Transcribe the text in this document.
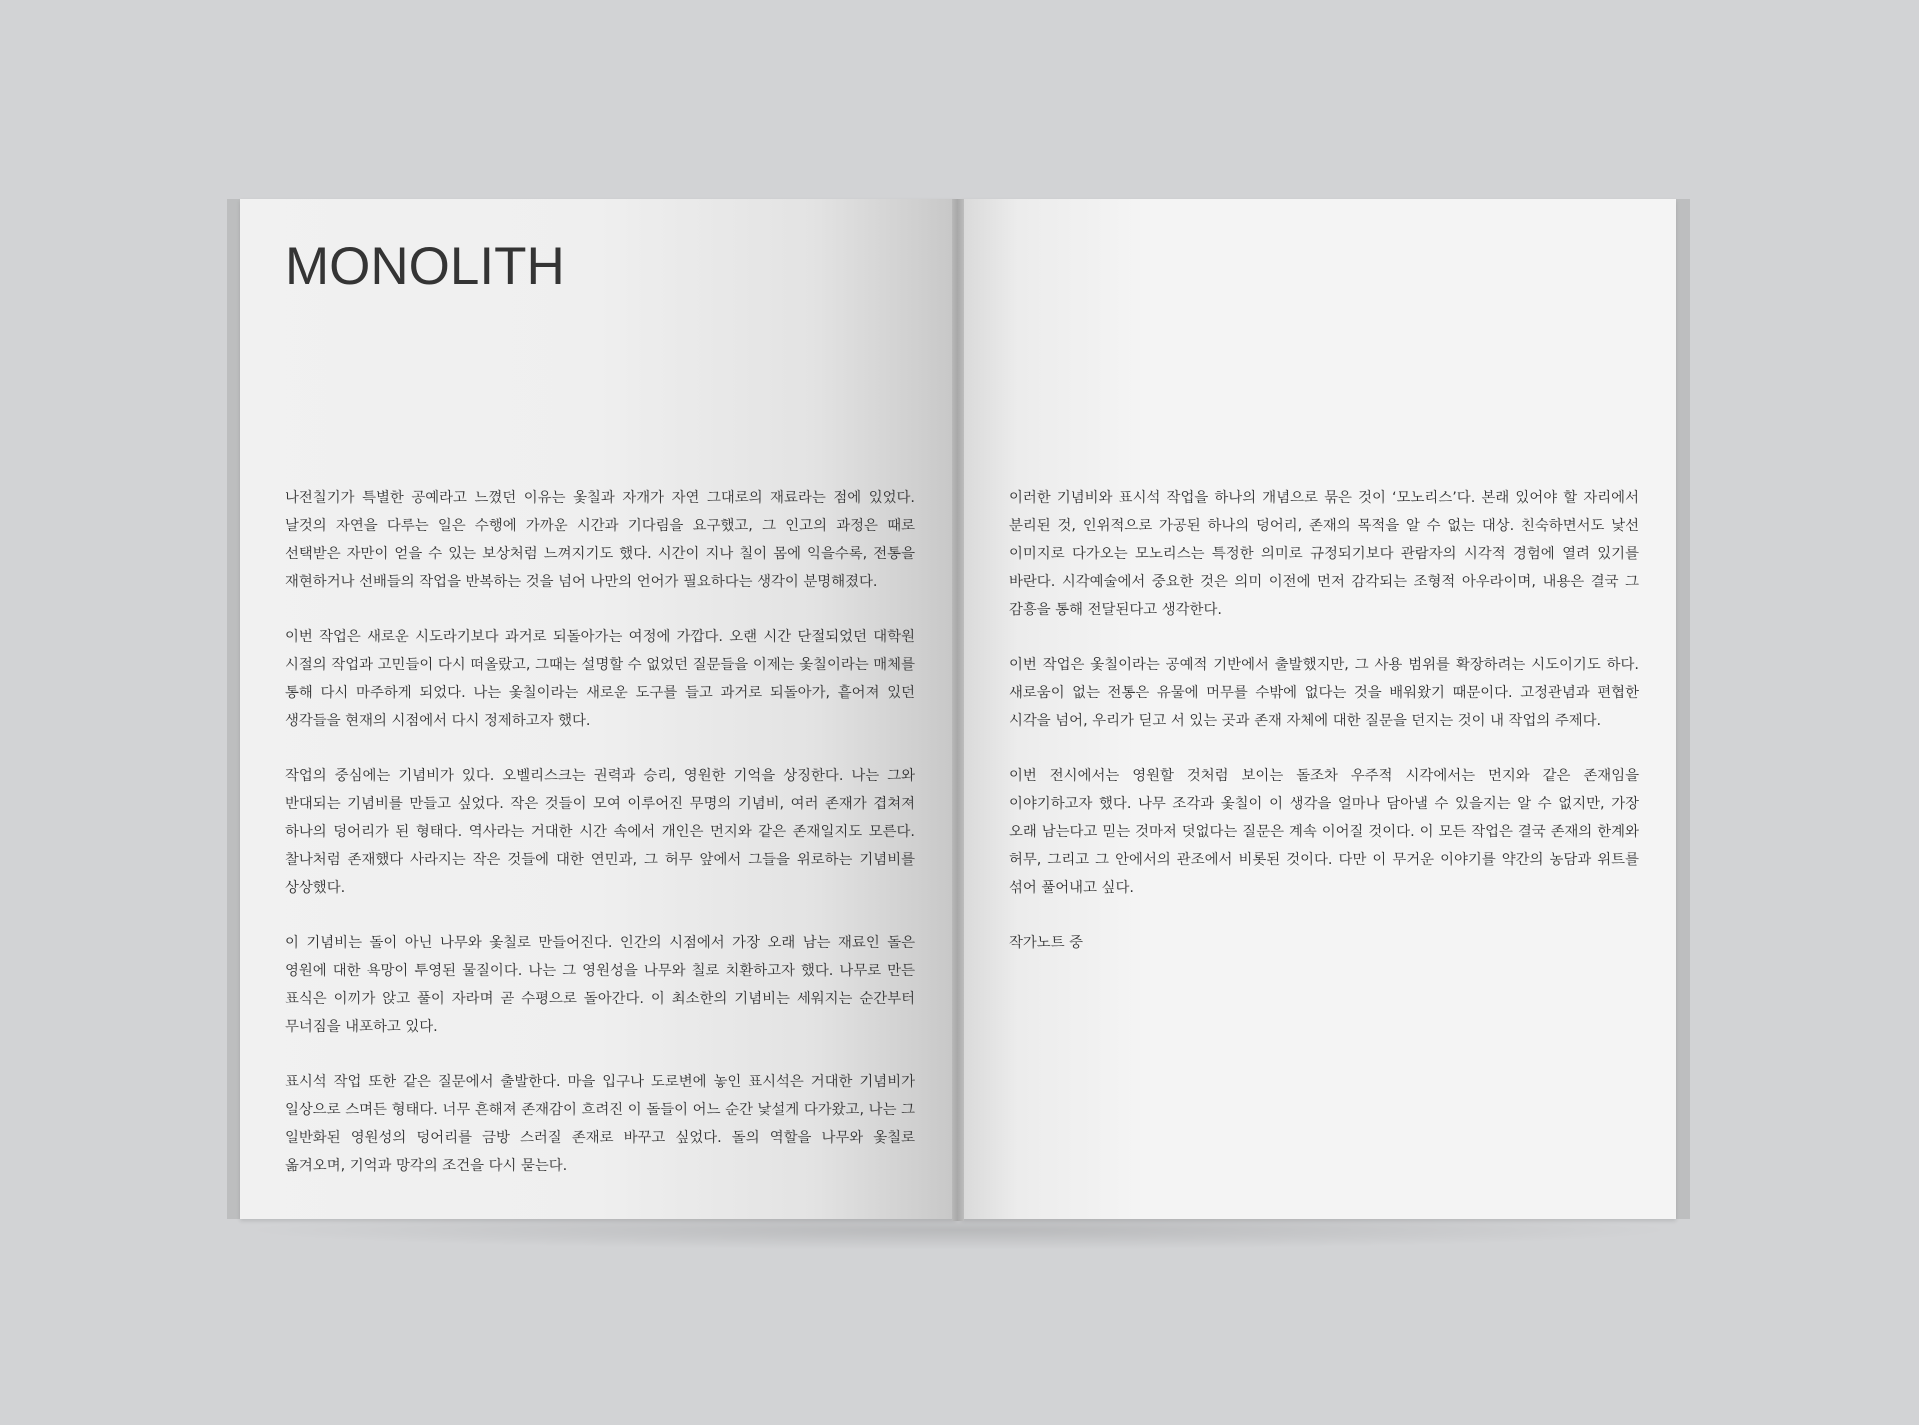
MONOLITH

나전칠기가 특별한 공예라고 느꼈던 이유는 옻칠과 자개가 자연 그대로의 재료라는 점에 있었다. 날것의 자연을 다루는 일은 수행에 가까운 시간과 기다림을 요구했고, 그 인고의 과정은 때로 선택받은 자만이 얻을 수 있는 보상처럼 느껴지기도 했다. 시간이 지나 칠이 몸에 익을수록, 전통을 재현하거나 선배들의 작업을 반복하는 것을 넘어 나만의 언어가 필요하다는 생각이 분명해졌다.

이번 작업은 새로운 시도라기보다 과거로 되돌아가는 여정에 가깝다. 오랜 시간 단절되었던 대학원 시절의 작업과 고민들이 다시 떠올랐고, 그때는 설명할 수 없었던 질문들을 이제는 옻칠이라는 매체를 통해 다시 마주하게 되었다. 나는 옻칠이라는 새로운 도구를 들고 과거로 되돌아가, 흩어져 있던 생각들을 현재의 시점에서 다시 정제하고자 했다.

작업의 중심에는 기념비가 있다. 오벨리스크는 권력과 승리, 영원한 기억을 상징한다. 나는 그와 반대되는 기념비를 만들고 싶었다. 작은 것들이 모여 이루어진 무명의 기념비, 여러 존재가 겹쳐져 하나의 덩어리가 된 형태다. 역사라는 거대한 시간 속에서 개인은 먼지와 같은 존재일지도 모른다. 찰나처럼 존재했다 사라지는 작은 것들에 대한 연민과, 그 허무 앞에서 그들을 위로하는 기념비를 상상했다.

이 기념비는 돌이 아닌 나무와 옻칠로 만들어진다. 인간의 시점에서 가장 오래 남는 재료인 돌은 영원에 대한 욕망이 투영된 물질이다. 나는 그 영원성을 나무와 칠로 치환하고자 했다. 나무로 만든 표식은 이끼가 앉고 풀이 자라며 곧 수평으로 돌아간다. 이 최소한의 기념비는 세워지는 순간부터 무너짐을 내포하고 있다.

표시석 작업 또한 같은 질문에서 출발한다. 마을 입구나 도로변에 놓인 표시석은 거대한 기념비가 일상으로 스며든 형태다. 너무 흔해져 존재감이 흐려진 이 돌들이 어느 순간 낯설게 다가왔고, 나는 그 일반화된 영원성의 덩어리를 금방 스러질 존재로 바꾸고 싶었다. 돌의 역할을 나무와 옻칠로 옮겨오며, 기억과 망각의 조건을 다시 묻는다.

이러한 기념비와 표시석 작업을 하나의 개념으로 묶은 것이 ‘모노리스’다. 본래 있어야 할 자리에서 분리된 것, 인위적으로 가공된 하나의 덩어리, 존재의 목적을 알 수 없는 대상. 친숙하면서도 낯선 이미지로 다가오는 모노리스는 특정한 의미로 규정되기보다 관람자의 시각적 경험에 열려 있기를 바란다. 시각예술에서 중요한 것은 의미 이전에 먼저 감각되는 조형적 아우라이며, 내용은 결국 그 감흥을 통해 전달된다고 생각한다.

이번 작업은 옻칠이라는 공예적 기반에서 출발했지만, 그 사용 범위를 확장하려는 시도이기도 하다. 새로움이 없는 전통은 유물에 머무를 수밖에 없다는 것을 배워왔기 때문이다. 고정관념과 편협한 시각을 넘어, 우리가 딛고 서 있는 곳과 존재 자체에 대한 질문을 던지는 것이 내 작업의 주제다.

이번 전시에서는 영원할 것처럼 보이는 돌조차 우주적 시각에서는 먼지와 같은 존재임을 이야기하고자 했다. 나무 조각과 옻칠이 이 생각을 얼마나 담아낼 수 있을지는 알 수 없지만, 가장 오래 남는다고 믿는 것마저 덧없다는 질문은 계속 이어질 것이다. 이 모든 작업은 결국 존재의 한계와 허무, 그리고 그 안에서의 관조에서 비롯된 것이다. 다만 이 무거운 이야기를 약간의 농담과 위트를 섞어 풀어내고 싶다.

작가노트 중
